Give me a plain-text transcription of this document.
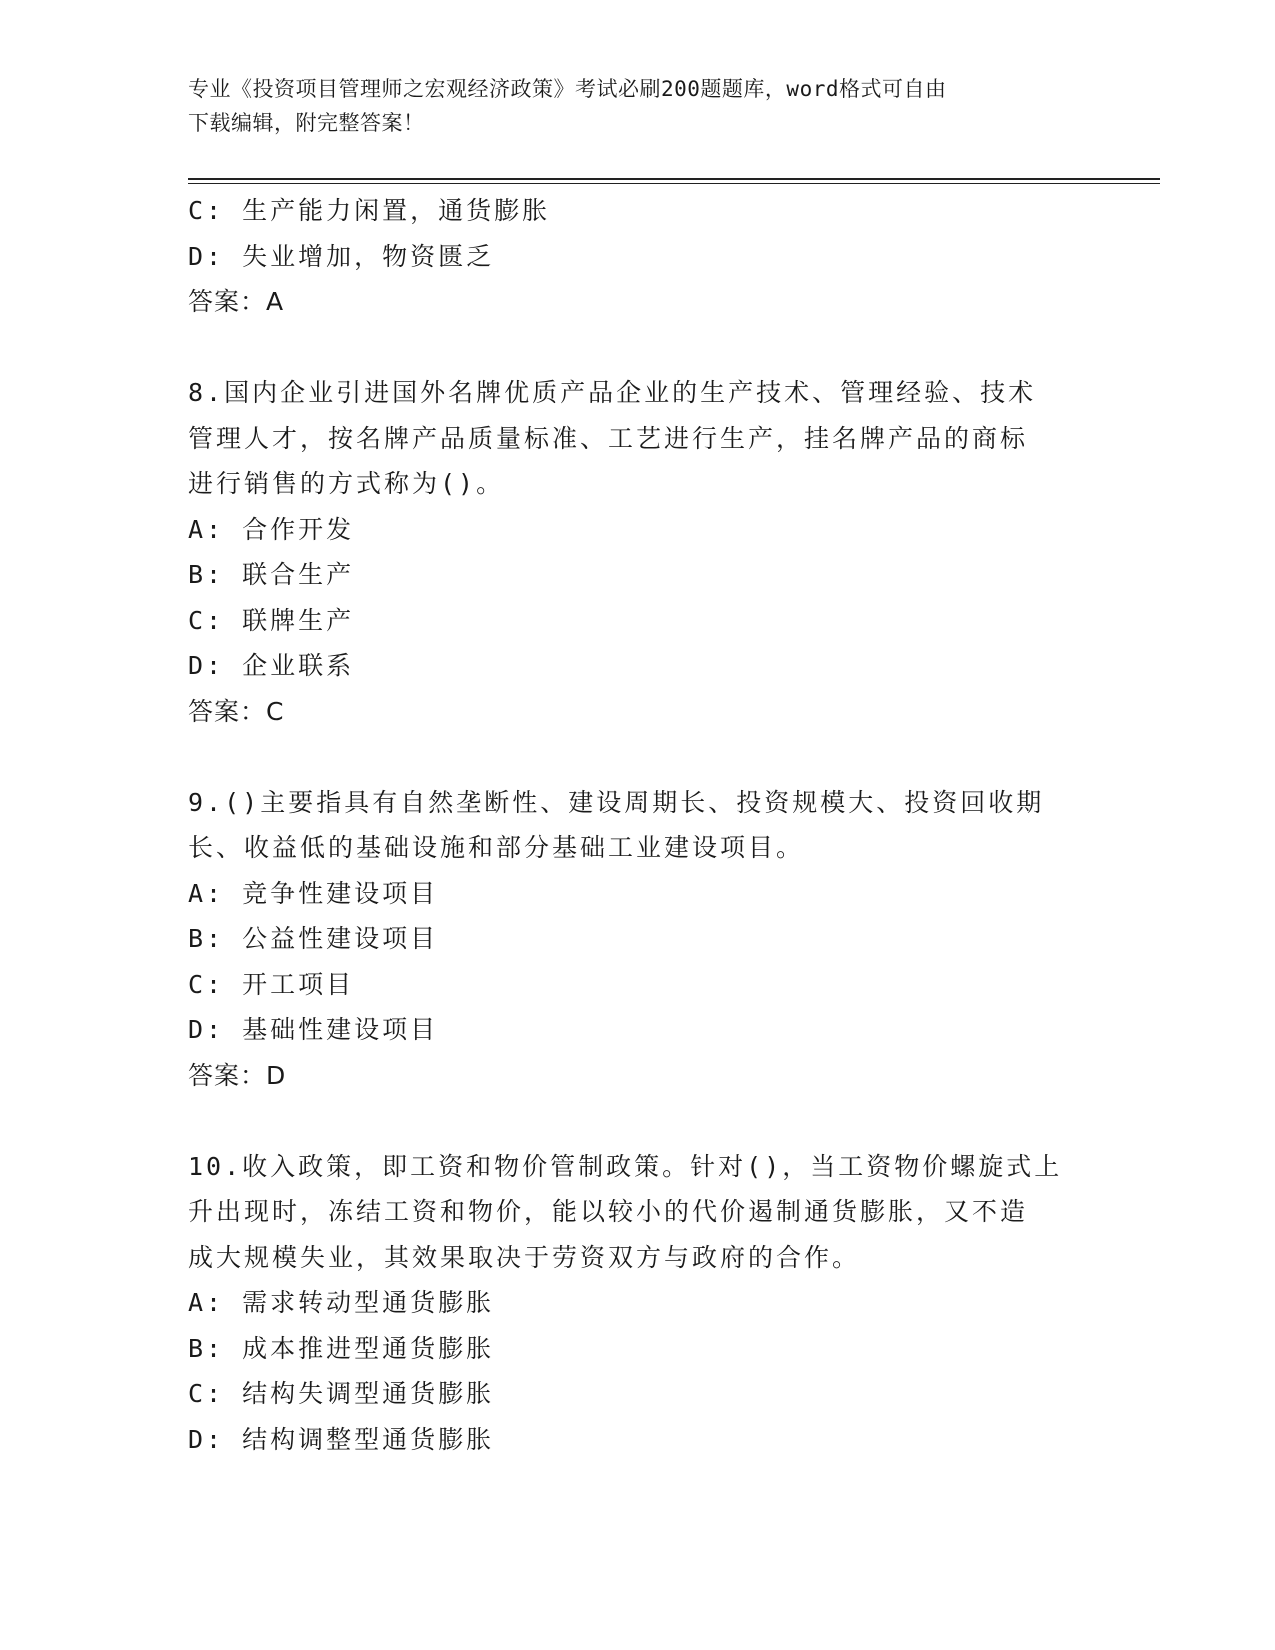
专业《投资项目管理师之宏观经济政策》考试必刷200题题库，word格式可自由
下载编辑，附完整答案！
C: 生产能力闲置，通货膨胀
D: 失业增加，物资匮乏
答案：A
8.国内企业引进国外名牌优质产品企业的生产技术、管理经验、技术
管理人才，按名牌产品质量标准、工艺进行生产，挂名牌产品的商标
进行销售的方式称为()。
A: 合作开发
B: 联合生产
C: 联牌生产
D: 企业联系
答案：C
9.()主要指具有自然垄断性、建设周期长、投资规模大、投资回收期
长、收益低的基础设施和部分基础工业建设项目。
A: 竞争性建设项目
B: 公益性建设项目
C: 开工项目
D: 基础性建设项目
答案：D
10.收入政策，即工资和物价管制政策。针对()，当工资物价螺旋式上
升出现时，冻结工资和物价，能以较小的代价遏制通货膨胀，又不造
成大规模失业，其效果取决于劳资双方与政府的合作。
A: 需求转动型通货膨胀
B: 成本推进型通货膨胀
C: 结构失调型通货膨胀
D: 结构调整型通货膨胀
